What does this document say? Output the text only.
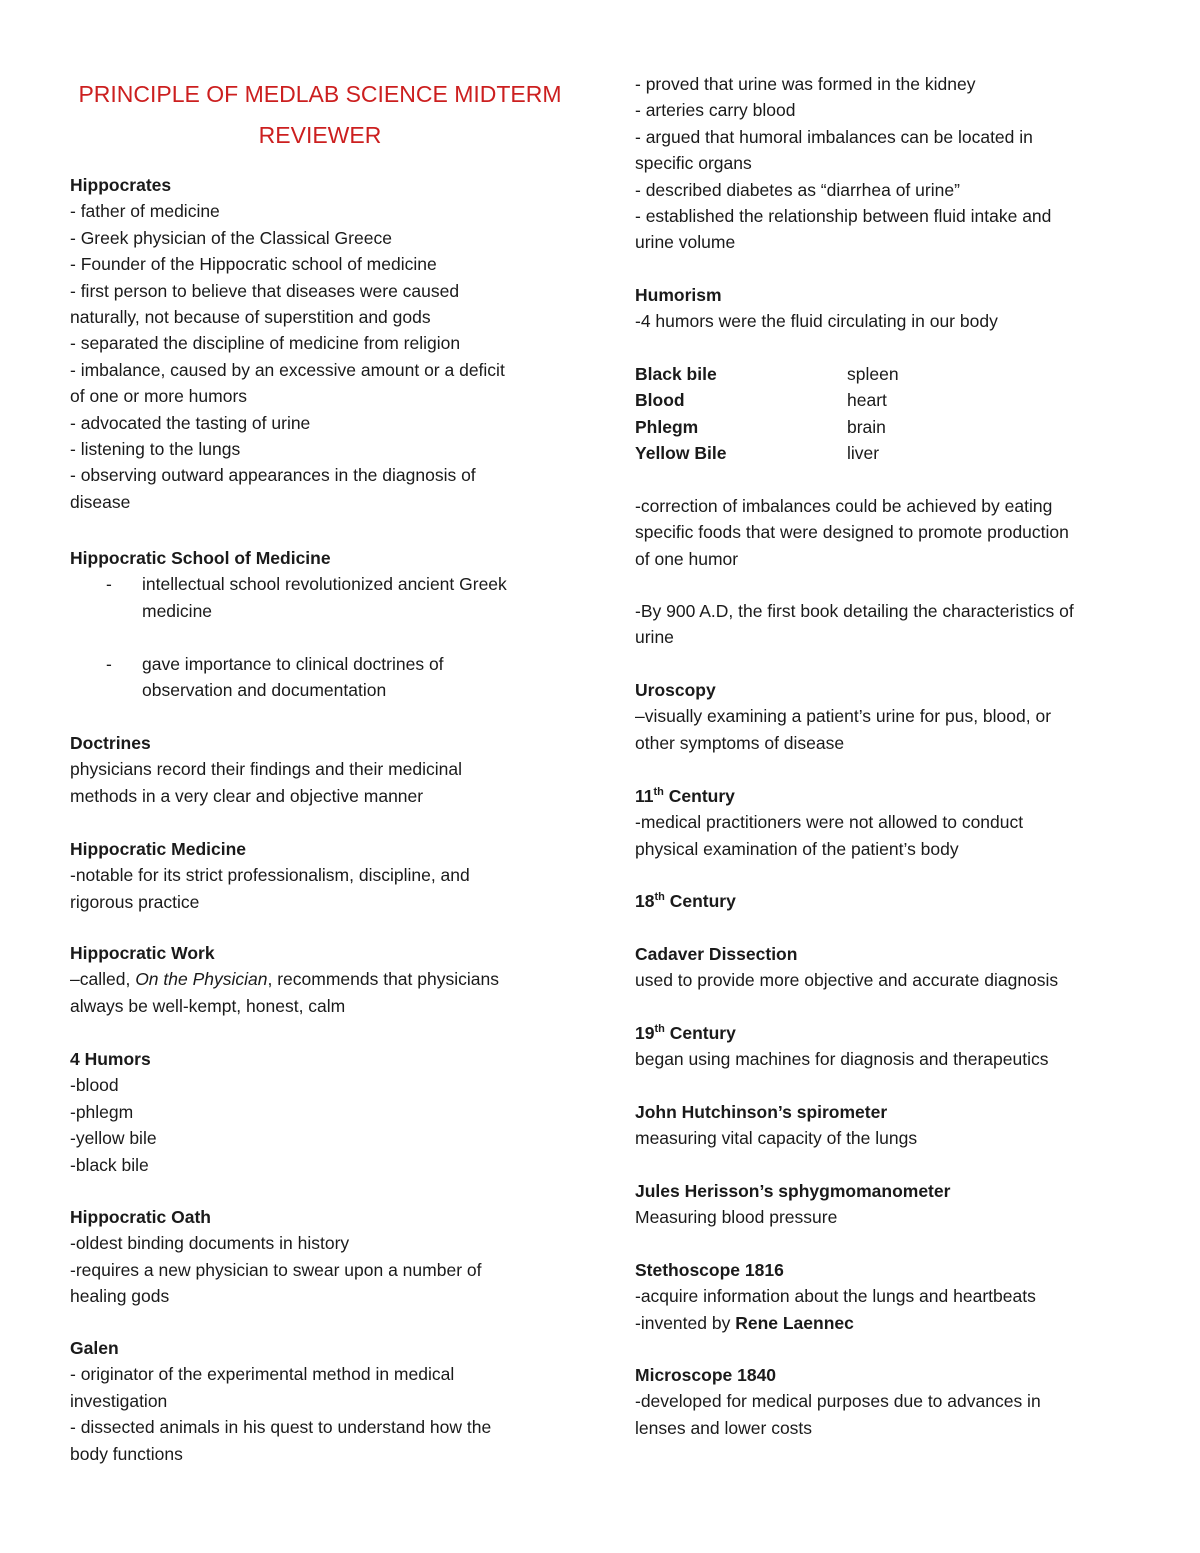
PRINCIPLE OF MEDLAB SCIENCE MIDTERM
REVIEWER
Hippocrates
- father of medicine
- Greek physician of the Classical Greece
- Founder of the Hippocratic school of medicine
- first person to believe that diseases were caused
naturally, not because of superstition and gods
- separated the discipline of medicine from religion
- imbalance, caused by an excessive amount or a deficit
of one or more humors
- advocated the tasting of urine
- listening to the lungs
- observing outward appearances in the diagnosis of
disease
Hippocratic School of Medicine
- intellectual school revolutionized ancient Greek
medicine
- gave importance to clinical doctrines of
observation and documentation
Doctrines
physicians record their findings and their medicinal
methods in a very clear and objective manner
Hippocratic Medicine
-notable for its strict professionalism, discipline, and
rigorous practice
Hippocratic Work
–called, On the Physician, recommends that physicians
always be well-kempt, honest, calm
4 Humors
-blood
-phlegm
-yellow bile
-black bile
Hippocratic Oath
-oldest binding documents in history
-requires a new physician to swear upon a number of
healing gods
Galen
- originator of the experimental method in medical
investigation
- dissected animals in his quest to understand how the
body functions
- proved that urine was formed in the kidney
- arteries carry blood
- argued that humoral imbalances can be located in
specific organs
- described diabetes as “diarrhea of urine”
- established the relationship between fluid intake and
urine volume
Humorism
-4 humors were the fluid circulating in our body
Black bile	spleen
Blood	heart
Phlegm	brain
Yellow Bile	liver
-correction of imbalances could be achieved by eating
specific foods that were designed to promote production
of one humor
-By 900 A.D, the first book detailing the characteristics of
urine
Uroscopy
–visually examining a patient’s urine for pus, blood, or
other symptoms of disease
11th Century
-medical practitioners were not allowed to conduct
physical examination of the patient’s body
18th Century
Cadaver Dissection
used to provide more objective and accurate diagnosis
19th Century
began using machines for diagnosis and therapeutics
John Hutchinson’s spirometer
measuring vital capacity of the lungs
Jules Herisson’s sphygmomanometer
Measuring blood pressure
Stethoscope 1816
-acquire information about the lungs and heartbeats
-invented by Rene Laennec
Microscope 1840
-developed for medical purposes due to advances in
lenses and lower costs
